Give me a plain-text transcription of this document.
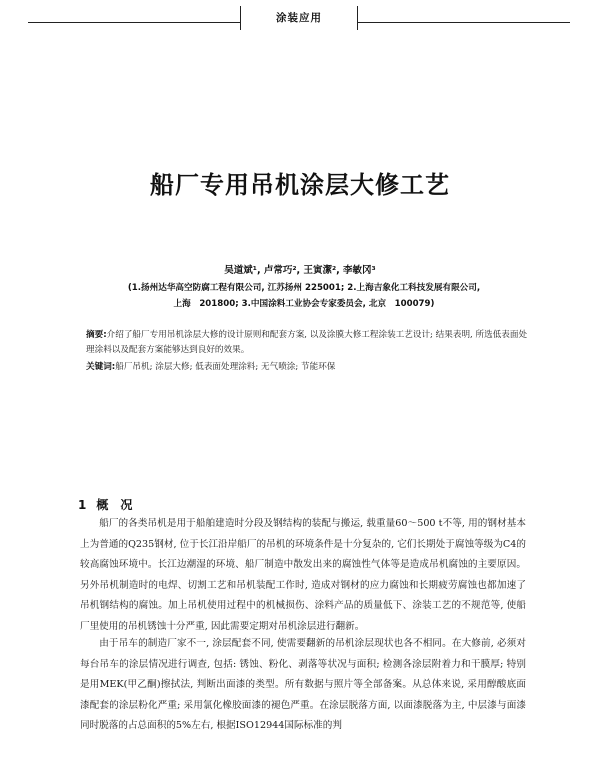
涂装应用
船厂专用吊机涂层大修工艺
吴道斌¹, 卢常巧², 王寅潔², 李敏冈³
(1.扬州达华高空防腐工程有限公司, 江苏扬州 225001; 2.上海吉象化工科技发展有限公司,
上海　201800; 3.中国涂料工业协会专家委员会, 北京　100079)

摘要:介绍了船厂专用吊机涂层大修的设计原则和配套方案, 以及涂膜大修工程涂装工艺设计; 结果表明, 所选低表面处理涂料以及配套方案能够达到良好的效果。

关键词:船厂吊机; 涂层大修; 低表面处理涂料; 无气喷涂; 节能环保

1 概　况

船厂的各类吊机是用于船舶建造时分段及钢结构的装配与搬运, 载重量60～500 t不等, 用的钢材基本上为普通的Q235钢材, 位于长江沿岸船厂的吊机的环境条件是十分复杂的, 它们长期处于腐蚀等级为C4的较高腐蚀环境中。长江边潮湿的环境、船厂制造中散发出来的腐蚀性气体等是造成吊机腐蚀的主要原因。另外吊机制造时的电焊、切割工艺和吊机装配工作时, 造成对钢材的应力腐蚀和长期疲劳腐蚀也都加速了吊机钢结构的腐蚀。加上吊机使用过程中的机械损伤、涂料产品的质量低下、涂装工艺的不规范等, 使船厂里使用的吊机锈蚀十分严重, 因此需要定期对吊机涂层进行翻新。

由于吊车的制造厂家不一, 涂层配套不同, 使需要翻新的吊机涂层现状也各不相同。在大修前, 必须对每台吊车的涂层情况进行调查, 包括: 锈蚀、粉化、剥落等状况与面积; 检测各涂层附着力和干膜厚; 特别是用MEK(甲乙酮)擦拭法, 判断出面漆的类型。所有数据与照片等全部备案。从总体来说, 采用醇酸底面漆配套的涂层粉化严重; 采用氯化橡胶面漆的褪色严重。在涂层脱落方面, 以面漆脱落为主, 中层漆与面漆同时脱落的占总面积的5%左右, 根据ISO12944国际标准的判
